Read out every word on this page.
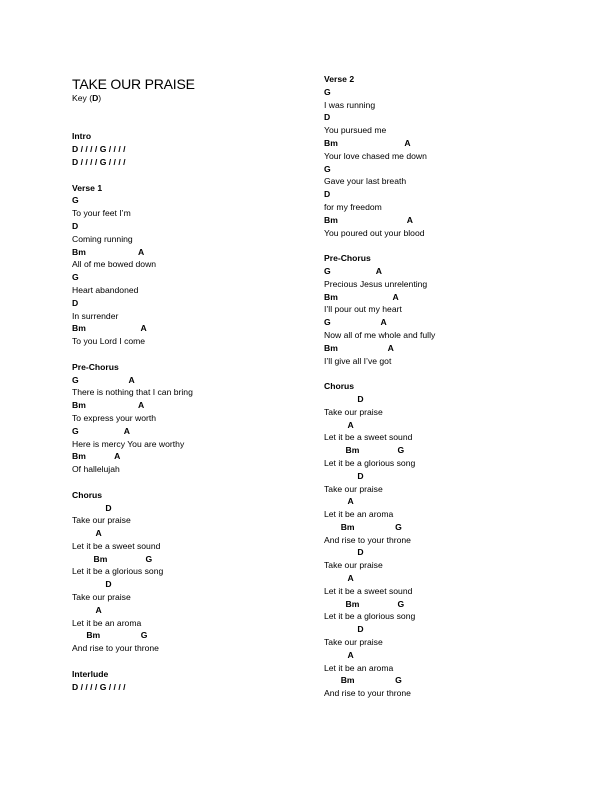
TAKE OUR PRAISE
Key (D)
Intro
D / / / / G / / / /
D / / / / G / / / /
Verse 1
G
To your feet I’m
D
Coming running
Bm                      A
All of me bowed down
G
Heart abandoned
D
In surrender
Bm                       A
To you Lord I come
Pre-Chorus
G                     A
There is nothing that I can bring
Bm                      A
To express your worth
G                   A
Here is mercy You are worthy
Bm            A
Of hallelujah
Chorus
D
Take our praise
A
Let it be a sweet sound
Bm                G
Let it be a glorious song
D
Take our praise
A
Let it be an aroma
Bm                 G
And rise to your throne
Interlude
D / / / / G / / / /
Verse 2
G
I was running
D
You pursued me
Bm                            A
Your love chased me down
G
Gave your last breath
D
for my freedom
Bm                             A
You poured out your blood
Pre-Chorus
G                   A
Precious Jesus unrelenting
Bm                       A
I’ll pour out my heart
G                     A
Now all of me whole and fully
Bm                     A
I’ll give all I’ve got
Chorus
D
Take our praise
A
Let it be a sweet sound
Bm                G
Let it be a glorious song
D
Take our praise
A
Let it be an aroma
Bm                 G
And rise to your throne
D
Take our praise
A
Let it be a sweet sound
Bm                G
Let it be a glorious song
D
Take our praise
A
Let it be an aroma
Bm                 G
And rise to your throne
